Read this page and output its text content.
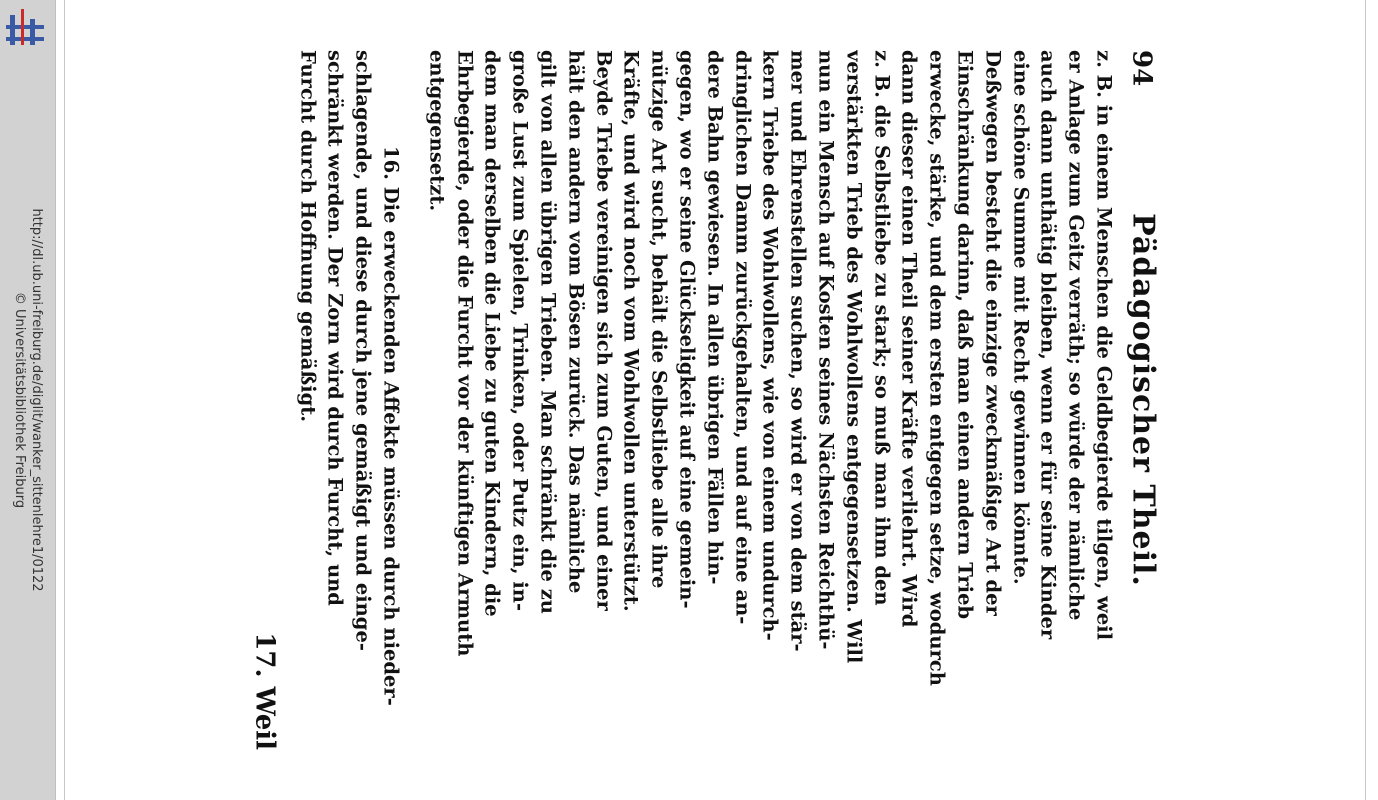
http://dl.ub.uni-freiburg.de/diglit/wanker_sittenlehre1/0122
© Universitätsbibliothek Freiburg
94
Pädagogischer Theil.
z. B. in einem Menschen die Geldbegierde tilgen, weil
er Anlage zum Geitz verräth; so würde der nämliche
auch dann unthätig bleiben, wenn er für seine Kinder
eine schöne Summe mit Recht gewinnen könnte.
Deßwegen besteht die einzige zweckmäßige Art der
Einschränkung darinn, daß man einen andern Trieb
erwecke, stärke, und dem ersten entgegen setze, wodurch
dann dieser einen Theil seiner Kräfte verliehrt. Wird
z. B. die Selbstliebe zu stark; so muß man ihm den
verstärkten Trieb des Wohlwollens entgegensetzen. Will
nun ein Mensch auf Kosten seines Nächsten Reichthü-
mer und Ehrenstellen suchen, so wird er von dem stär-
kern Triebe des Wohlwollens, wie von einem undurch-
dringlichen Damm zurückgehalten, und auf eine an-
dere Bahn gewiesen. In allen übrigen Fällen hin-
gegen, wo er seine Glückseligkeit auf eine gemein-
nützige Art sucht, behält die Selbstliebe alle ihre
Kräfte, und wird noch vom Wohlwollen unterstützt.
Beyde Triebe vereinigen sich zum Guten, und einer
hält den andern vom Bösen zurück. Das nämliche
gilt von allen übrigen Trieben. Man schränkt die zu
große Lust zum Spielen, Trinken, oder Putz ein, in-
dem man derselben die Liebe zu guten Kindern, die
Ehrbegierde, oder die Furcht vor der künftigen Armuth
entgegensetzt.
16. Die erweckenden Affekte müssen durch nieder-
schlagende, und diese durch jene gemäßigt und einge-
schränkt werden. Der Zorn wird durch Furcht, und
Furcht durch Hoffnung gemäßigt.
17. Weil
